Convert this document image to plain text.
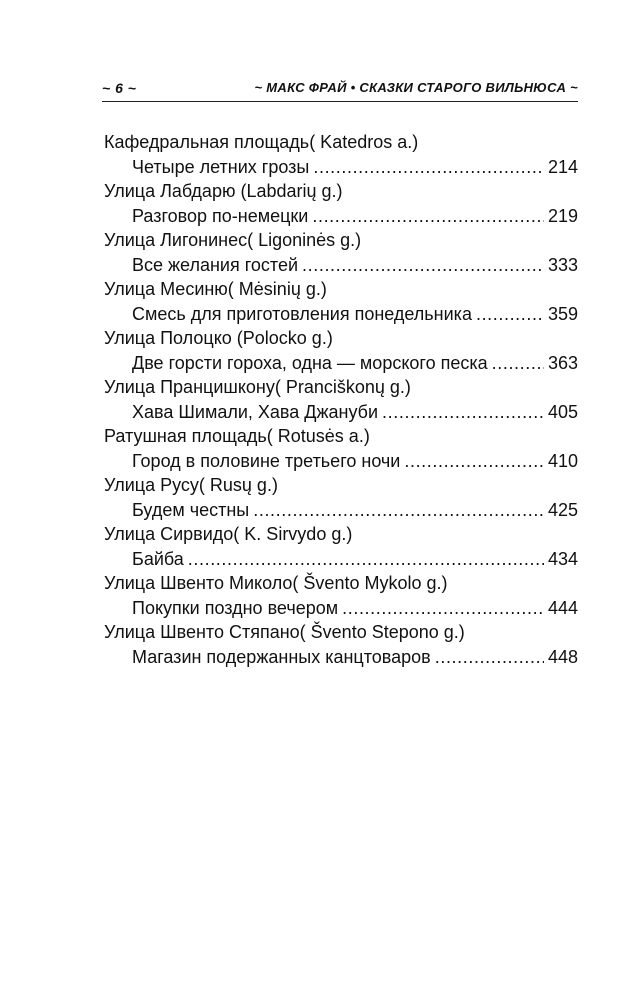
~ 6 ~	~ МАКС ФРАЙ • СКАЗКИ СТАРОГО ВИЛЬНЮСА ~
Кафедральная площадь( Katedros a.)
Четыре летних грозы . . .	214
Улица Лабдарю (Labdarių g.)
Разговор по-немецки . . .	219
Улица Лигонинес( Ligoninės g.)
Все желания гостей . . .	333
Улица Месиню( Mėsinių g.)
Смесь для приготовления понедельника . . .	359
Улица Полоцко (Polocko g.)
Две горсти гороха, одна — морского песка . . .	363
Улица Пранцишкону( Pranciškonų g.)
Хава Шимали, Хава Джануби . . .	405
Ратушная площадь( Rotusės a.)
Город в половине третьего ночи . . .	410
Улица Русу( Rusų g.)
Будем честны . . .	425
Улица Сирвидо( K. Sirvydo g.)
Байба . . .	434
Улица Швенто Миколо( Švento Mykolo g.)
Покупки поздно вечером . . .	444
Улица Швенто Стяпано( Švento Stepono g.)
Магазин подержанных канцтоваров . . .	448
